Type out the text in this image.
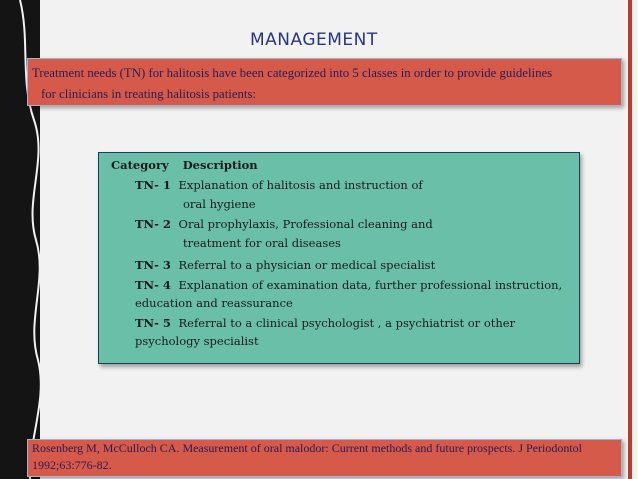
MANAGEMENT
Treatment needs (TN) for halitosis have been categorized into 5 classes in order to provide guidelines
for clinicians in treating halitosis patients:
Category Description
TN- 1 Explanation of halitosis and instruction of
oral hygiene
TN- 2 Oral prophylaxis, Professional cleaning and
treatment for oral diseases
TN- 3 Referral to a physician or medical specialist
TN- 4 Explanation of examination data, further professional instruction,
education and reassurance
TN- 5 Referral to a clinical psychologist , a psychiatrist or other
psychology specialist
Rosenberg M, McCulloch CA. Measurement of oral malodor: Current methods and future prospects. J Periodontol
1992;63:776-82.
